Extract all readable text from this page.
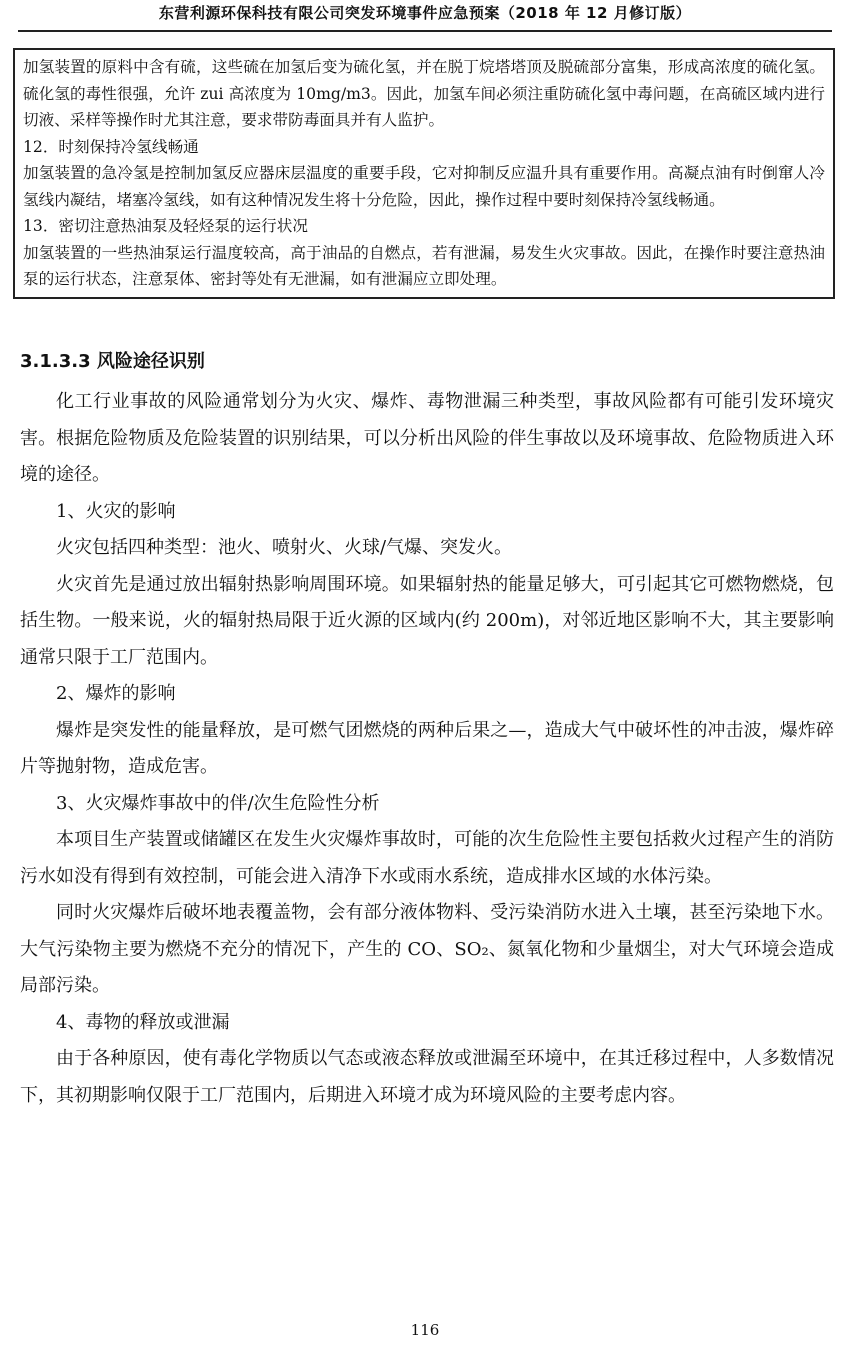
东营利源环保科技有限公司突发环境事件应急预案（2018 年 12 月修订版）

加氢装置的原料中含有硫，这些硫在加氢后变为硫化氢，并在脱丁烷塔塔顶及脱硫部分富集，形成高浓度的硫化氢。硫化氢的毒性很强，允许 zui 高浓度为 10mg/m3。因此，加氢车间必须注重防硫化氢中毒问题，在高硫区域内进行切液、采样等操作时尤其注意，要求带防毒面具并有人监护。

12．时刻保持冷氢线畅通

加氢装置的急冷氢是控制加氢反应器床层温度的重要手段，它对抑制反应温升具有重要作用。高凝点油有时倒窜人冷氢线内凝结，堵塞冷氢线，如有这种情况发生将十分危险，因此，操作过程中要时刻保持冷氢线畅通。

13．密切注意热油泵及轻烃泵的运行状况

加氢装置的一些热油泵运行温度较高，高于油品的自燃点，若有泄漏，易发生火灾事故。因此，在操作时要注意热油泵的运行状态，注意泵体、密封等处有无泄漏，如有泄漏应立即处理。

3.1.3.3 风险途径识别

化工行业事故的风险通常划分为火灾、爆炸、毒物泄漏三种类型，事故风险都有可能引发环境灾害。根据危险物质及危险装置的识别结果，可以分析出风险的伴生事故以及环境事故、危险物质进入环境的途径。

1、火灾的影响

火灾包括四种类型：池火、喷射火、火球/气爆、突发火。

火灾首先是通过放出辐射热影响周围环境。如果辐射热的能量足够大，可引起其它可燃物燃烧，包括生物。一般来说，火的辐射热局限于近火源的区域内(约 200m)，对邻近地区影响不大，其主要影响通常只限于工厂范围内。

2、爆炸的影响

爆炸是突发性的能量释放，是可燃气团燃烧的两种后果之—，造成大气中破坏性的冲击波，爆炸碎片等抛射物，造成危害。

3、火灾爆炸事故中的伴/次生危险性分析

本项目生产装置或储罐区在发生火灾爆炸事故时，可能的次生危险性主要包括救火过程产生的消防污水如没有得到有效控制，可能会进入清净下水或雨水系统，造成排水区域的水体污染。

同时火灾爆炸后破坏地表覆盖物，会有部分液体物料、受污染消防水进入土壤，甚至污染地下水。大气污染物主要为燃烧不充分的情况下，产生的 CO、SO₂、氮氧化物和少量烟尘，对大气环境会造成局部污染。

4、毒物的释放或泄漏

由于各种原因，使有毒化学物质以气态或液态释放或泄漏至环境中，在其迁移过程中，人多数情况下，其初期影响仅限于工厂范围内，后期进入环境才成为环境风险的主要考虑内容。

116
